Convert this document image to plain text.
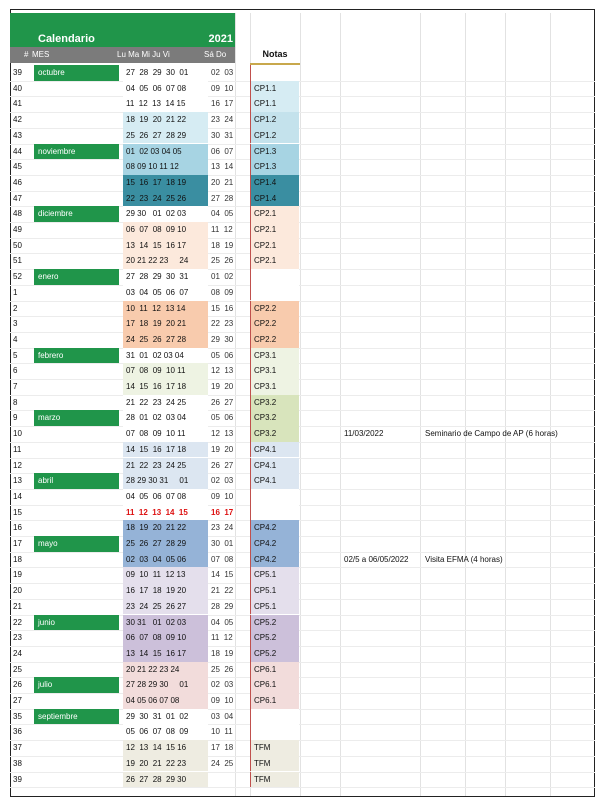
Calendario	2021
# MES	Lu Ma Mi Ju Vi	Sá Do	Notas
39	octubre	27  28  29  30  01	02  03
40	04  05  06  07 08	09  10	CP1.1
41	11  12  13  14 15	16  17	CP1.1
42	18  19  20  21 22	23  24	CP1.2
43	25  26  27  28 29	30  31	CP1.2
44	noviembre	01  02 03 04 05	06  07	CP1.3
45	08 09 10 11 12	13  14	CP1.3
46	15  16  17  18 19	20  21	CP1.4
47	22  23  24  25 26	27  28	CP1.4
48	diciembre	29 30   01  02 03	04  05	CP2.1
49	06  07  08  09 10	11  12	CP2.1
50	13  14  15  16 17	18  19	CP2.1
51	20 21 22 23     24	25  26	CP2.1
52	enero	27  28  29  30  31	01  02
1	03  04  05  06  07	08  09
2	10  11  12  13 14	15  16	CP2.2
3	17  18  19  20 21	22  23	CP2.2
4	24  25  26  27 28	29  30	CP2.2
5	febrero	31  01  02 03 04	05  06	CP3.1
6	07  08  09  10 11	12  13	CP3.1
7	14  15  16  17 18	19  20	CP3.1
8	21  22  23  24 25	26  27	CP3.2
9	marzo	28  01  02  03 04	05  06	CP3.2
10	07  08  09  10 11	12  13	CP3.2	11/03/2022	Seminario de Campo de AP (6 horas)
11	14  15  16  17 18	19  20	CP4.1
12	21  22  23  24 25	26  27	CP4.1
13	abril	28 29 30 31     01	02  03	CP4.1
14	04  05  06  07 08	09  10
15	11  12  13  14  15	16  17
16	18  19  20  21 22	23  24	CP4.2
17	mayo	25  26  27  28 29	30  01	CP4.2
18	02  03  04  05 06	07  08	CP4.2	02/5 a 06/05/2022	Visita EFMA (4 horas)
19	09  10  11  12 13	14  15	CP5.1
20	16  17  18  19 20	21  22	CP5.1
21	23  24  25  26 27	28  29	CP5.1
22	junio	30 31   01  02 03	04  05	CP5.2
23	06  07  08  09 10	11  12	CP5.2
24	13  14  15  16 17	18  19	CP5.2
25	20 21 22 23 24	25  26	CP6.1
26	julio	27 28 29 30     01	02  03	CP6.1
27	04 05 06 07 08	09  10	CP6.1
35	septiembre	29  30  31  01  02	03  04
36	05  06  07  08  09	10  11
37	12  13  14  15 16	17  18	TFM
38	19  20  21  22 23	24  25	TFM
39	26  27  28  29 30	TFM
